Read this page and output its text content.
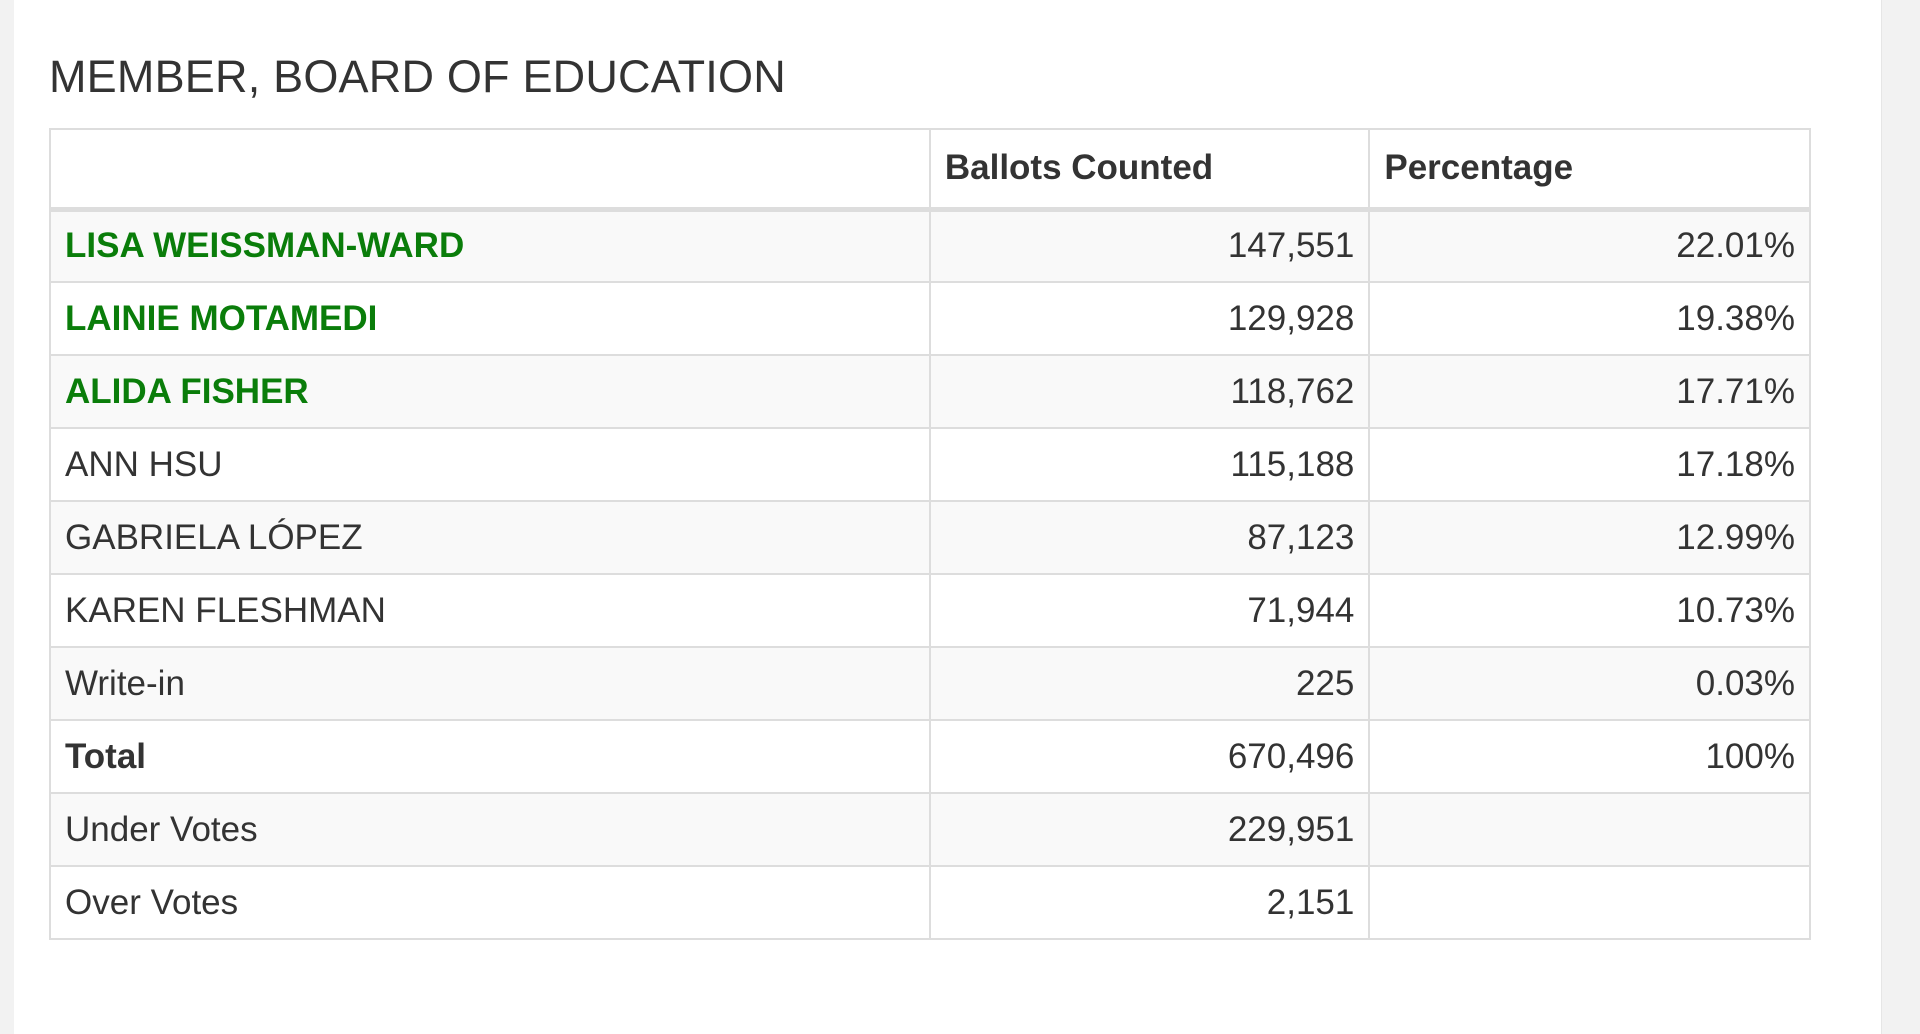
MEMBER, BOARD OF EDUCATION
	Ballots Counted	Percentage
LISA WEISSMAN-WARD	147,551	22.01%
LAINIE MOTAMEDI	129,928	19.38%
ALIDA FISHER	118,762	17.71%
ANN HSU	115,188	17.18%
GABRIELA LÓPEZ	87,123	12.99%
KAREN FLESHMAN	71,944	10.73%
Write-in	225	0.03%
Total	670,496	100%
Under Votes	229,951	
Over Votes	2,151	
